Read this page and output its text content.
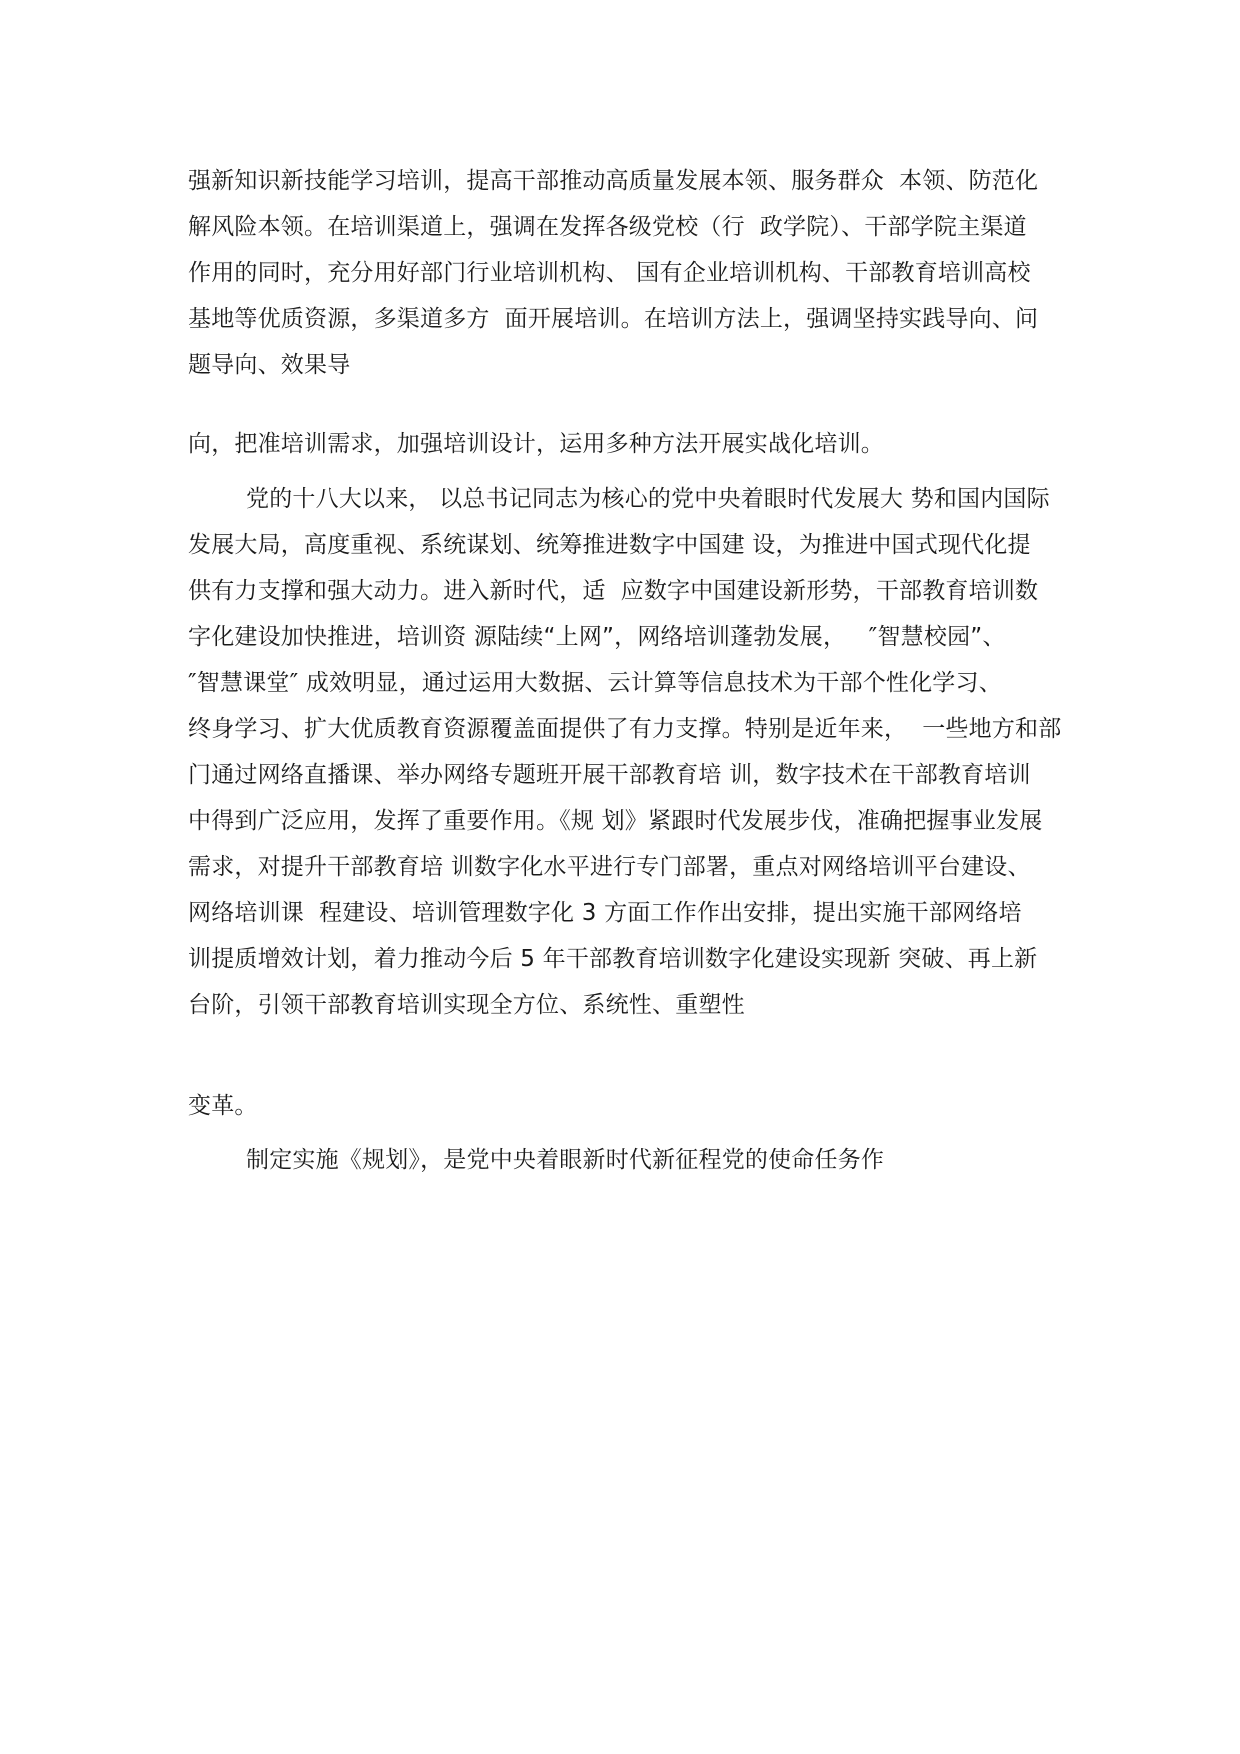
强新知识新技能学习培训，提高干部推动高质量发展本领、服务群众  本领、防范化
解风险本领。在培训渠道上，强调在发挥各级党校（行  政学院）、干部学院主渠道
作用的同时，充分用好部门行业培训机构、 国有企业培训机构、干部教育培训高校
基地等优质资源，多渠道多方  面开展培训。在培训方法上，强调坚持实践导向、问
题导向、效果导
向，把准培训需求，加强培训设计，运用多种方法开展实战化培训。
党的十八大以来， 以总书记同志为核心的党中央着眼时代发展大 势和国内国际
发展大局，高度重视、系统谋划、统筹推进数字中国建 设，为推进中国式现代化提
供有力支撑和强大动力。进入新时代，适  应数字中国建设新形势，干部教育培训数
字化建设加快推进，培训资 源陆续“上网”，网络培训蓬勃发展，   ″智慧校园”、
″智慧课堂″ 成效明显，通过运用大数据、云计算等信息技术为干部个性化学习、
终身学习、扩大优质教育资源覆盖面提供了有力支撑。特别是近年来，  一些地方和部
门通过网络直播课、举办网络专题班开展干部教育培 训，数字技术在干部教育培训
中得到广泛应用，发挥了重要作用。《规 划》紧跟时代发展步伐，准确把握事业发展
需求，对提升干部教育培 训数字化水平进行专门部署，重点对网络培训平台建设、
网络培训课  程建设、培训管理数字化 3 方面工作作出安排，提出实施干部网络培
训提质增效计划，着力推动今后 5 年干部教育培训数字化建设实现新 突破、再上新
台阶，引领干部教育培训实现全方位、系统性、重塑性
变革。
制定实施《规划》，是党中央着眼新时代新征程党的使命任务作
